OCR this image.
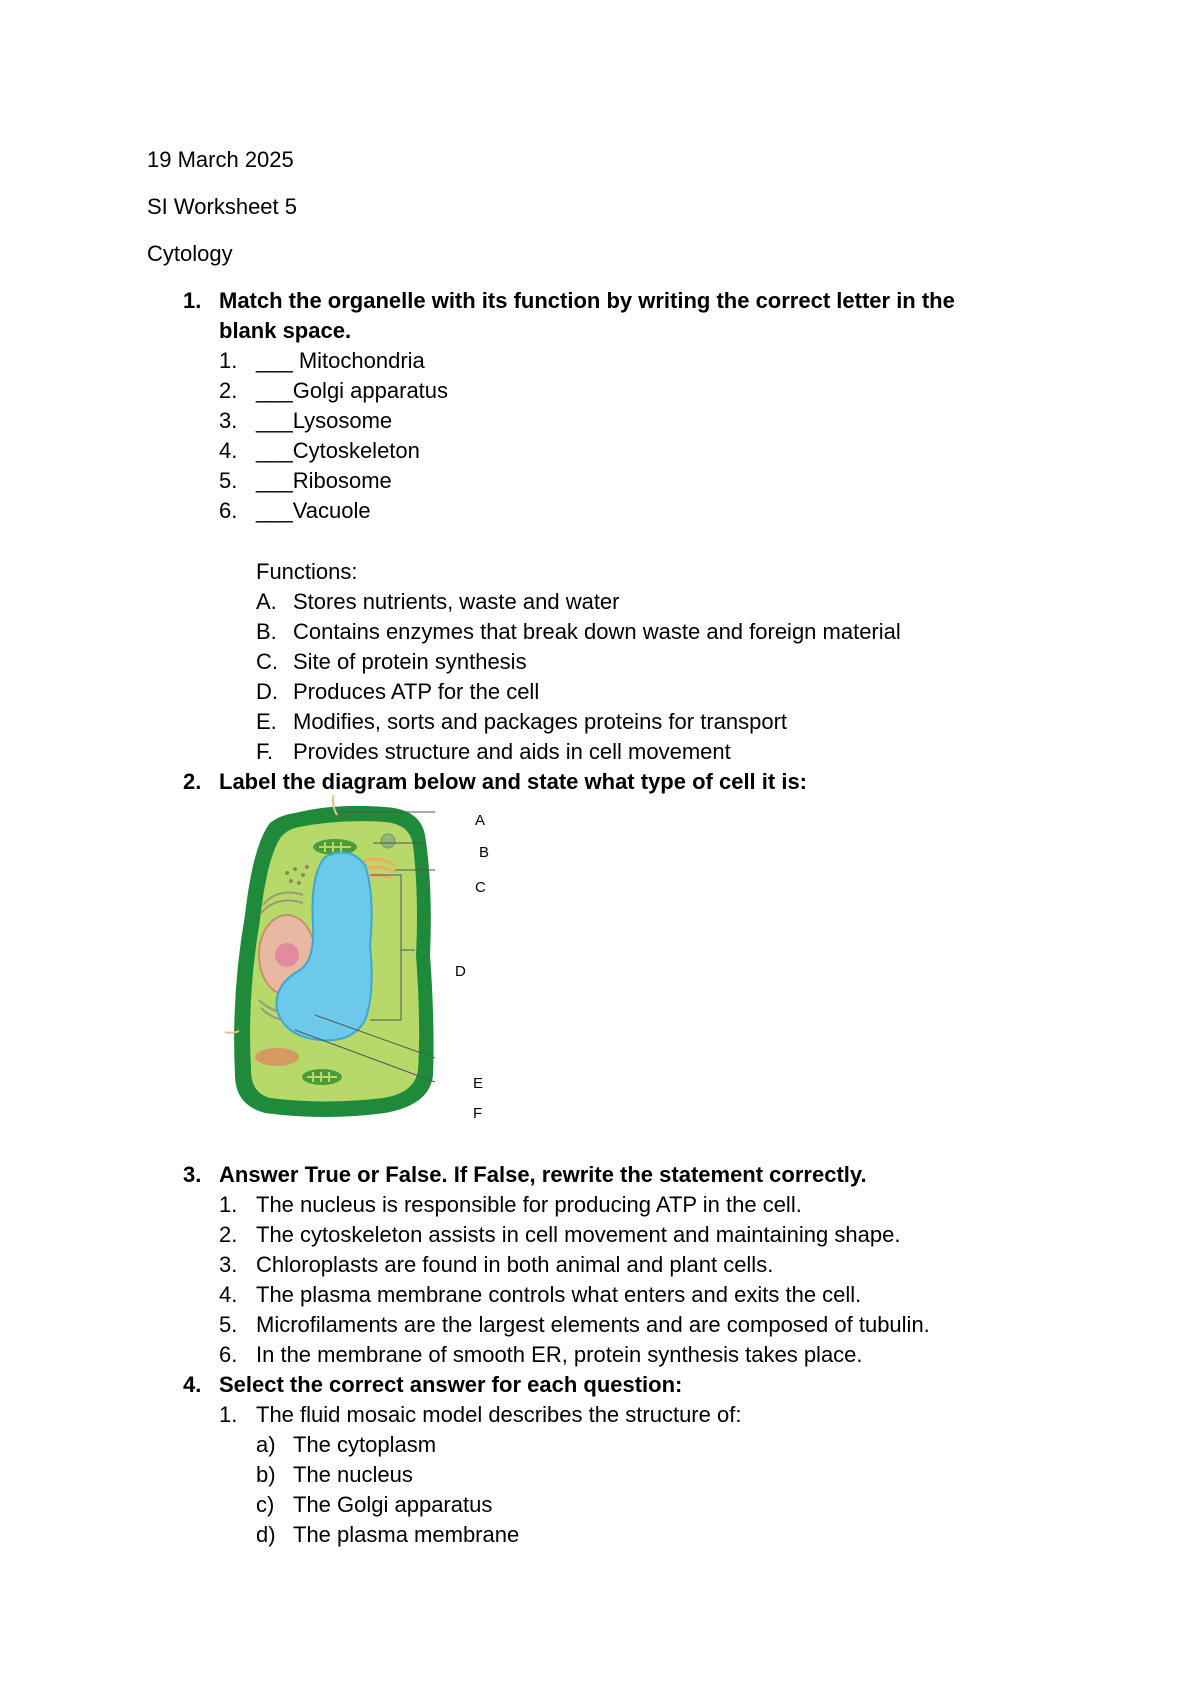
19 March 2025
SI Worksheet 5
Cytology
1. Match the organelle with its function by writing the correct letter in the
blank space.
1. ___ Mitochondria
2. ___Golgi apparatus
3. ___Lysosome
4. ___Cytoskeleton
5. ___Ribosome
6. ___Vacuole
Functions:
A. Stores nutrients, waste and water
B. Contains enzymes that break down waste and foreign material
C. Site of protein synthesis
D. Produces ATP for the cell
E. Modifies, sorts and packages proteins for transport
F. Provides structure and aids in cell movement
2. Label the diagram below and state what type of cell it is:
A
B
C
D
E
F
3. Answer True or False. If False, rewrite the statement correctly.
1. The nucleus is responsible for producing ATP in the cell.
2. The cytoskeleton assists in cell movement and maintaining shape.
3. Chloroplasts are found in both animal and plant cells.
4. The plasma membrane controls what enters and exits the cell.
5. Microfilaments are the largest elements and are composed of tubulin.
6. In the membrane of smooth ER, protein synthesis takes place.
4. Select the correct answer for each question:
1. The fluid mosaic model describes the structure of:
a) The cytoplasm
b) The nucleus
c) The Golgi apparatus
d) The plasma membrane
